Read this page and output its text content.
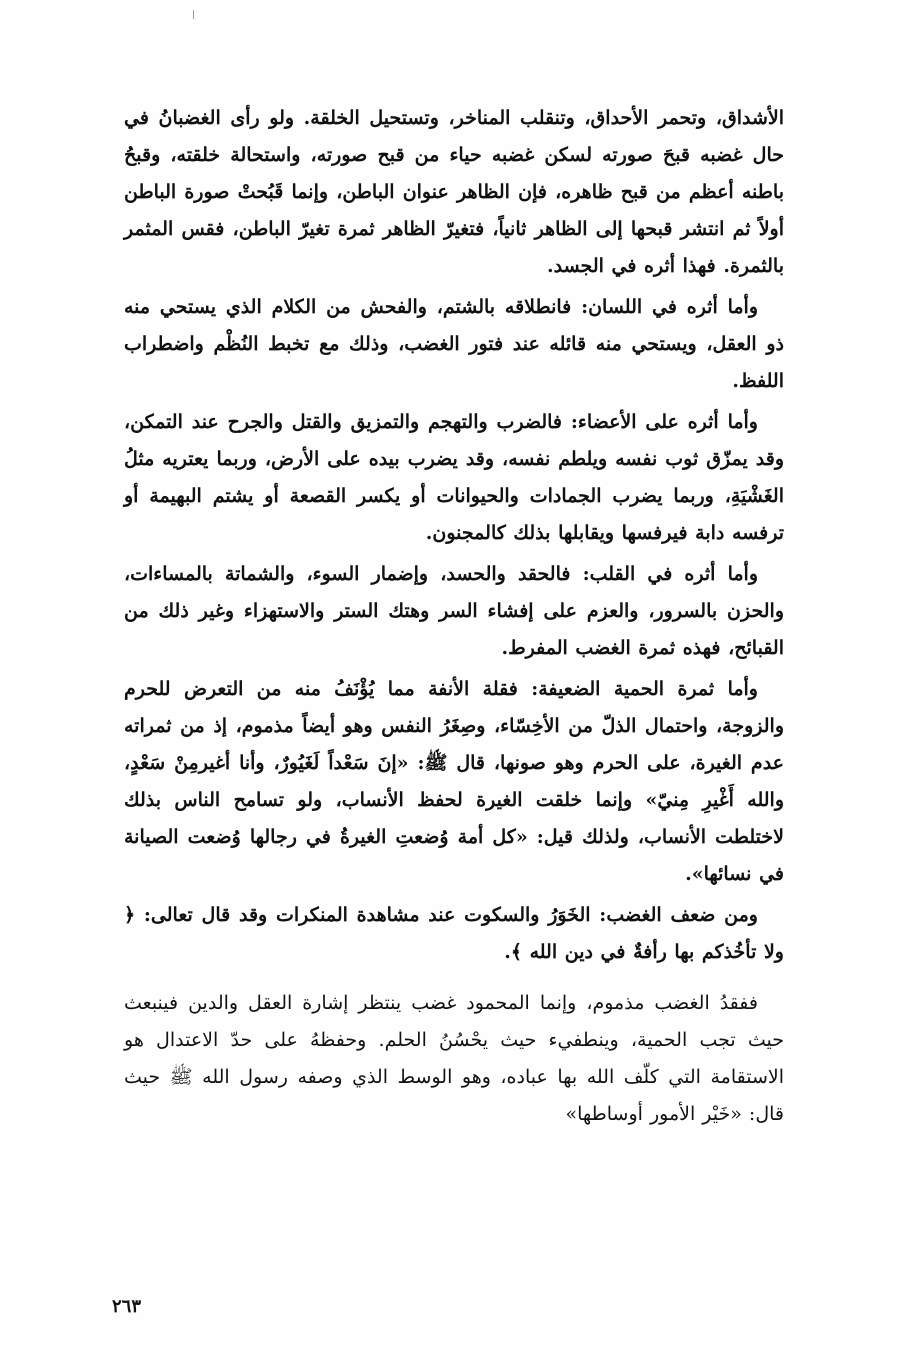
الأشداق، وتحمر الأحداق، وتنقلب المناخر، وتستحيل الخلقة. ولو رأى الغضبانُ في حال غضبه قبحَ صورته لسكن غضبه حياء من قبح صورته، واستحالة خلقته، وقبحُ باطنه أعظم من قبح ظاهره، فإن الظاهر عنوان الباطن، وإنما قَبُحتْ صورة الباطن أولاً ثم انتشر قبحها إلى الظاهر ثانياً، فتغيرّ الظاهر ثمرة تغيرّ الباطن، فقس المثمر بالثمرة. فهذا أثره في الجسد.

وأما أثره في اللسان: فانطلاقه بالشتم، والفحش من الكلام الذي يستحي منه ذو العقل، ويستحي منه قائله عند فتور الغضب، وذلك مع تخبط النُظْم واضطراب اللفظ.

وأما أثره على الأعضاء: فالضرب والتهجم والتمزيق والقتل والجرح عند التمكن، وقد يمزّق ثوب نفسه ويلطم نفسه، وقد يضرب بيده على الأرض، وربما يعتريه مثلُ الغَشْيَةِ، وربما يضرب الجمادات والحيوانات أو يكسر القصعة أو يشتم البهيمة أو ترفسه دابة فيرفسها ويقابلها بذلك كالمجنون.

وأما أثره في القلب: فالحقد والحسد، وإضمار السوء، والشماتة بالمساءات، والحزن بالسرور، والعزم على إفشاء السر وهتك الستر والاستهزاء وغير ذلك من القبائح، فهذه ثمرة الغضب المفرط.

وأما ثمرة الحمية الضعيفة: فقلة الأنفة مما يُؤْنَفُ منه من التعرض للحرم والزوجة، واحتمال الذلّ من الأخِسّاء، وصِغَرُ النفس وهو أيضاً مذموم، إذ من ثمراته عدم الغيرة، على الحرم وهو صونها، قال ﷺ: «إنَ سَعْداً لَغَيُورٌ، وأنا أغيرمِنْ سَعْدٍ، والله أَغْيرِ مِنيّ» وإنما خلقت الغيرة لحفظ الأنساب، ولو تسامح الناس بذلك لاختلطت الأنساب، ولذلك قيل: «كل أمة وُضعتِ الغيرةُ في رجالها وُضعت الصيانة في نسائها».

ومن ضعف الغضب: الخَوَرُ والسكوت عند مشاهدة المنكرات وقد قال تعالى: ﴿ ولا تأخُذكم بها رأفةٌ في دين الله ﴾.

ففقدُ الغضب مذموم، وإنما المحمود غضب ينتظر إشارة العقل والدين فينبعث حيث تجب الحمية، وينطفيء حيث يحْسُنُ الحلم. وحفظهُ على حدّ الاعتدال هو الاستقامة التي كلّف الله بها عباده، وهو الوسط الذي وصفه رسول الله ﷺ حيث قال: «خَيْر الأمور أوساطها»

٢٦٣
